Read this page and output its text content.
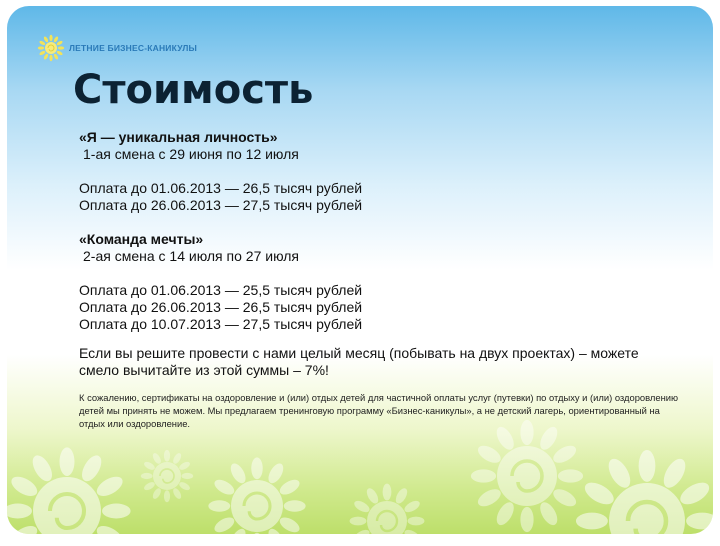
ЛЕТНИЕ БИЗНЕС-КАНИКУЛЫ
Стоимость

«Я — уникальная личность»

1-ая смена с 29 июня по 12 июля

Оплата до 01.06.2013 — 26,5 тысяч рублей

Оплата до 26.06.2013 — 27,5 тысяч рублей

«Команда мечты»

2-ая смена с 14 июля по 27 июля

Оплата до 01.06.2013 — 25,5 тысяч рублей

Оплата до 26.06.2013 — 26,5 тысяч рублей

Оплата до 10.07.2013 — 27,5 тысяч рублей

Если вы решите провести с нами целый месяц (побывать на двух проектах) – можете смело вычитайте из этой суммы – 7%!

К сожалению, сертификаты на оздоровление и (или) отдых детей для частичной оплаты услуг (путевки) по отдыху и (или) оздоровлению детей мы принять не можем. Мы предлагаем тренинговую программу «Бизнес-каникулы», а не детский лагерь, ориентированный на отдых или оздоровление.
